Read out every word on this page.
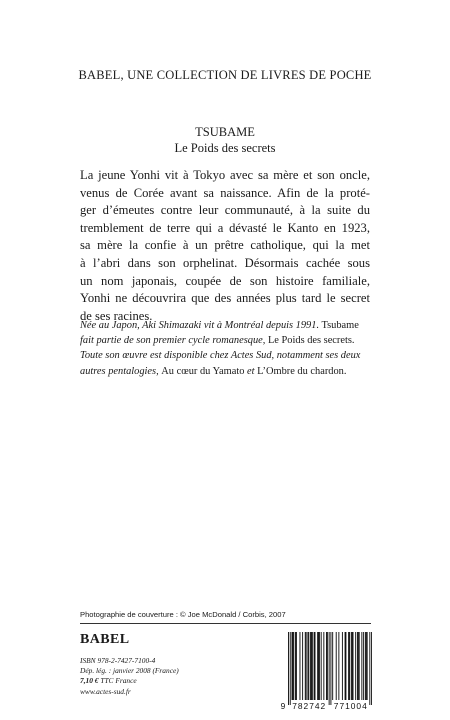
BABEL, UNE COLLECTION DE LIVRES DE POCHE
TSUBAME
Le Poids des secrets

La jeune Yonhi vit à Tokyo avec sa mère et son oncle,
venus de Corée avant sa naissance. Afin de la proté-
ger d’émeutes contre leur communauté, à la suite du
tremblement de terre qui a dévasté le Kanto en 1923,
sa mère la confie à un prêtre catholique, qui la met
à l’abri dans son orphelinat. Désormais cachée sous
un nom japonais, coupée de son histoire familiale,
Yonhi ne découvrira que des années plus tard le secret
de ses racines.

Née au Japon, Aki Shimazaki vit à Montréal depuis 1991. Tsubame fait partie de son premier cycle romanesque, Le Poids des secrets. Toute son œuvre est disponible chez Actes Sud, notamment ses deux autres pentalogies, Au cœur du Yamato et L’Ombre du chardon.

Photographie de couverture : © Joe McDonald / Corbis, 2007
BABEL
ISBN 978-2-7427-7100-4
Dép. lég. : janvier 2008 (France)
7,10 € TTC France
www.actes-sud.fr
9 782742 771004
